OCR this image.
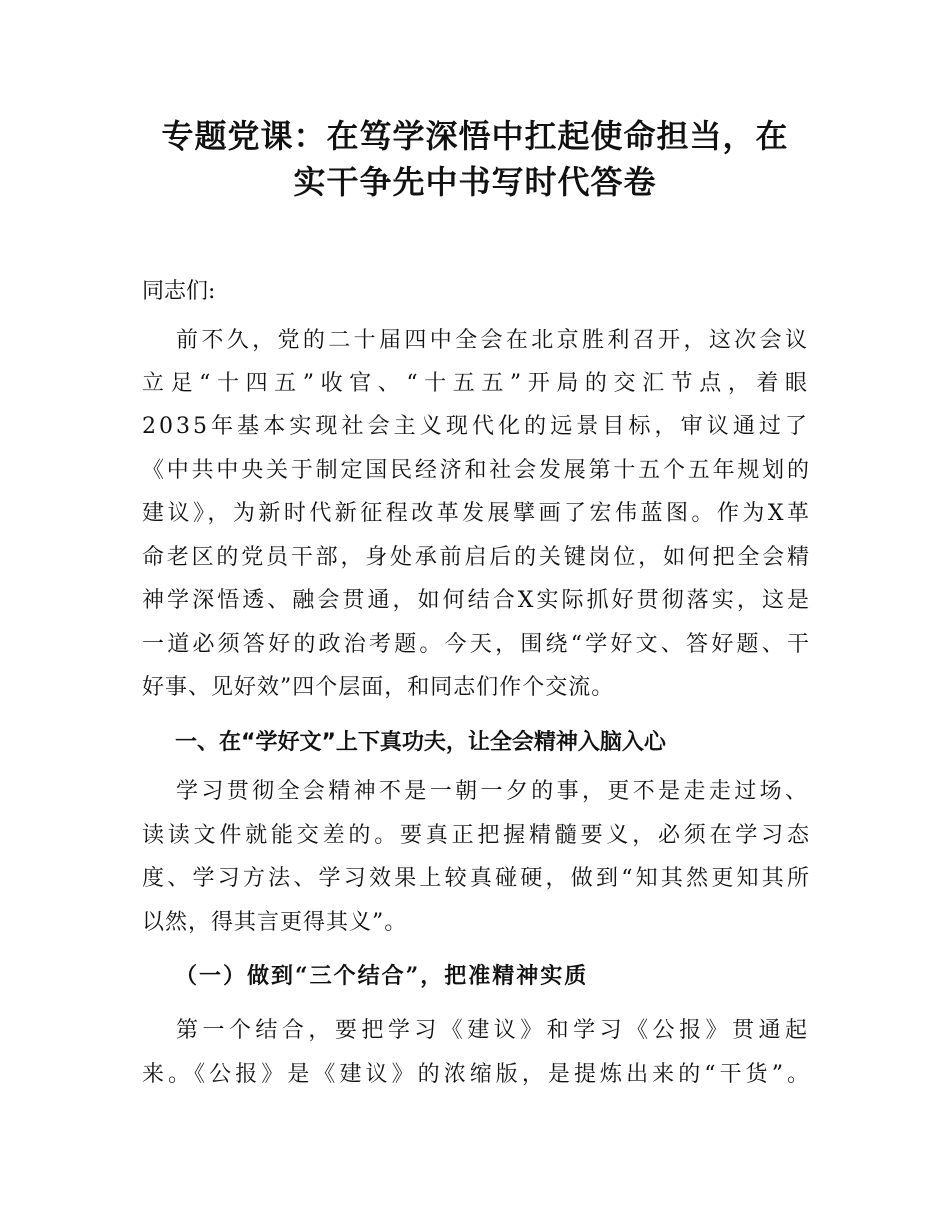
专题党课：在笃学深悟中扛起使命担当，在
实干争先中书写时代答卷

同志们:

前不久，党的二十届四中全会在北京胜利召开，这次会议

立足“十四五”收官、“十五五”开局的交汇节点，着眼

2035年基本实现社会主义现代化的远景目标，审议通过了

《中共中央关于制定国民经济和社会发展第十五个五年规划的

建议》，为新时代新征程改革发展擘画了宏伟蓝图。作为X革

命老区的党员干部，身处承前启后的关键岗位，如何把全会精

神学深悟透、融会贯通，如何结合X实际抓好贯彻落实，这是

一道必须答好的政治考题。今天，围绕“学好文、答好题、干

好事、见好效”四个层面，和同志们作个交流。

一、在“学好文”上下真功夫，让全会精神入脑入心

学习贯彻全会精神不是一朝一夕的事，更不是走走过场、

读读文件就能交差的。要真正把握精髓要义，必须在学习态

度、学习方法、学习效果上较真碰硬，做到“知其然更知其所

以然，得其言更得其义”。

（一）做到“三个结合”，把准精神实质

第一个结合，要把学习《建议》和学习《公报》贯通起

来。《公报》是《建议》的浓缩版，是提炼出来的“干货”。
